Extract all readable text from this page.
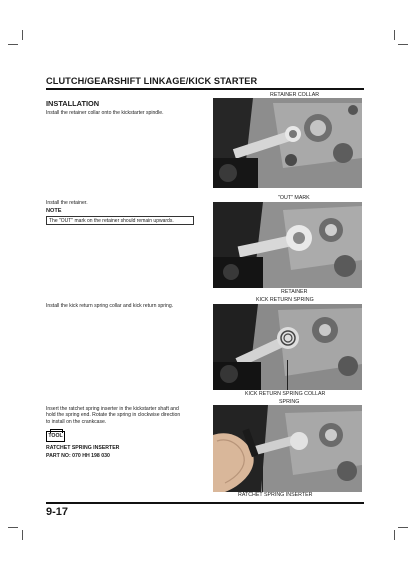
CLUTCH/GEARSHIFT LINKAGE/KICK STARTER
INSTALLATION
Install the retainer collar onto the kickstarter spindle.
Install the retainer.
NOTE
The "OUT" mark on the retainer should remain upwards.
Install the kick return spring collar and kick return spring.
Insert the ratchet spring inserter in the kickstarter shaft and
hold the spring end. Rotate the spring in clockwise direction
to install on the crankcase.
TOOL
RATCHET SPRING INSERTER
PART NO: 070 HH 198 030
RETAINER COLLAR
"OUT" MARK
RETAINER
KICK RETURN SPRING
KICK RETURN SPRING COLLAR
SPRING
RATCHET SPRING INSERTER
9-17
